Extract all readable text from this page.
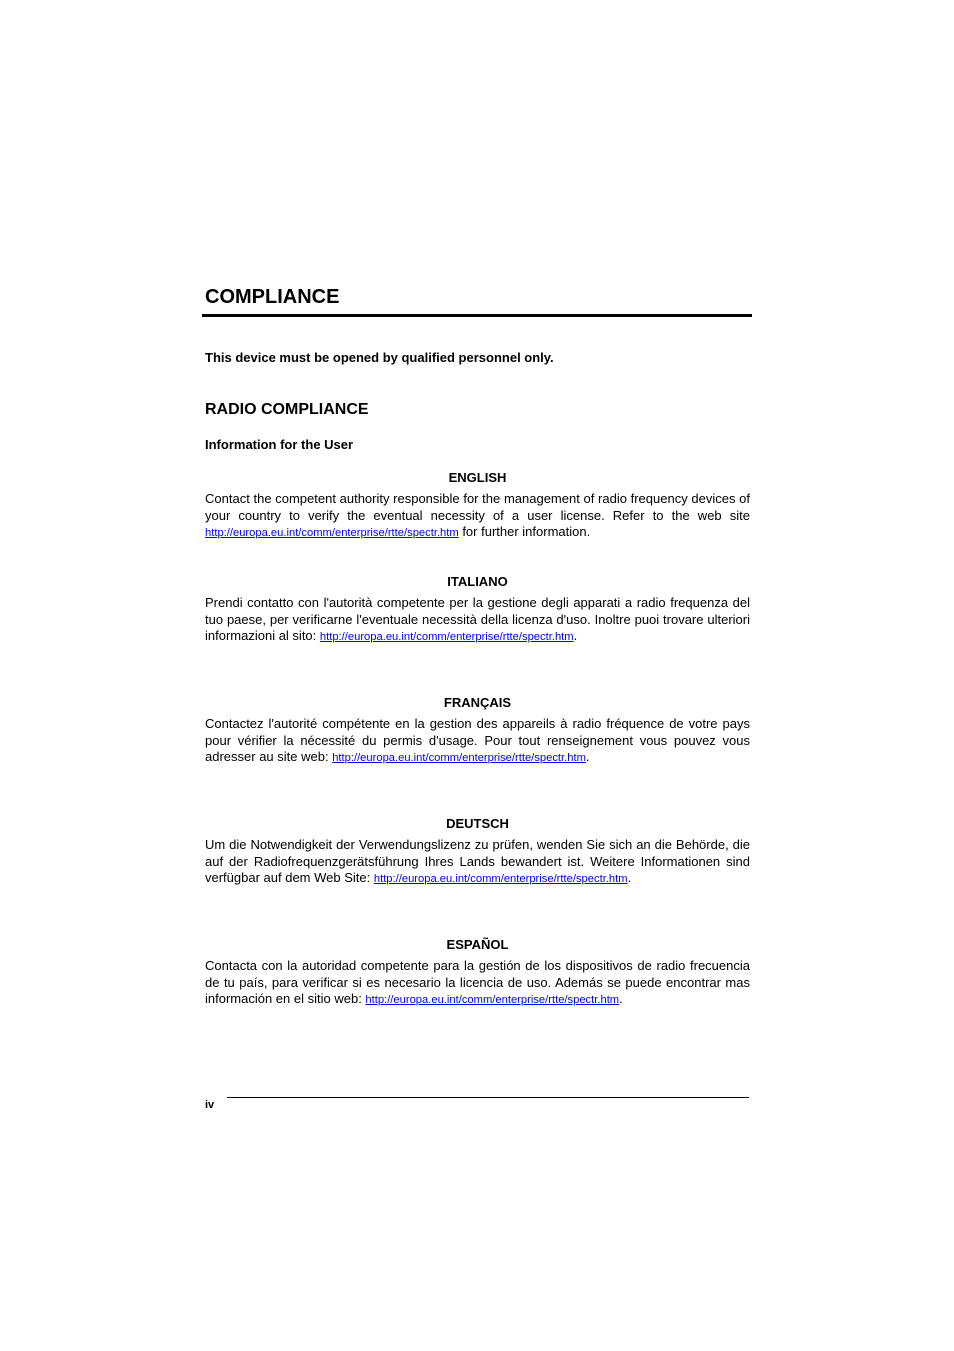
COMPLIANCE

This device must be opened by qualified personnel only.

RADIO COMPLIANCE
Information for the User
ENGLISH

Contact the competent authority responsible for the management of radio frequency devices of your country to verify the eventual necessity of a user license. Refer to the web site http://europa.eu.int/comm/enterprise/rtte/spectr.htm for further information.

ITALIANO

Prendi contatto con l'autorità competente per la gestione degli apparati a radio frequenza del tuo paese, per verificarne l'eventuale necessità della licenza d'uso. Inoltre puoi trovare ulteriori informazioni al sito: http://europa.eu.int/comm/enterprise/rtte/spectr.htm.

FRANÇAIS

Contactez l'autorité compétente en la gestion des appareils à radio fréquence de votre pays pour vérifier la nécessité du permis d'usage. Pour tout renseignement vous pouvez vous adresser au site web: http://europa.eu.int/comm/enterprise/rtte/spectr.htm.

DEUTSCH

Um die Notwendigkeit der Verwendungslizenz zu prüfen, wenden Sie sich an die Behörde, die auf der Radiofrequenzgerätsführung Ihres Lands bewandert ist. Weitere Informationen sind verfügbar auf dem Web Site: http://europa.eu.int/comm/enterprise/rtte/spectr.htm.

ESPAÑOL

Contacta con la autoridad competente para la gestión de los dispositivos de radio frecuencia de tu país, para verificar si es necesario la licencia de uso. Además se puede encontrar mas información en el sitio web: http://europa.eu.int/comm/enterprise/rtte/spectr.htm.

iv
